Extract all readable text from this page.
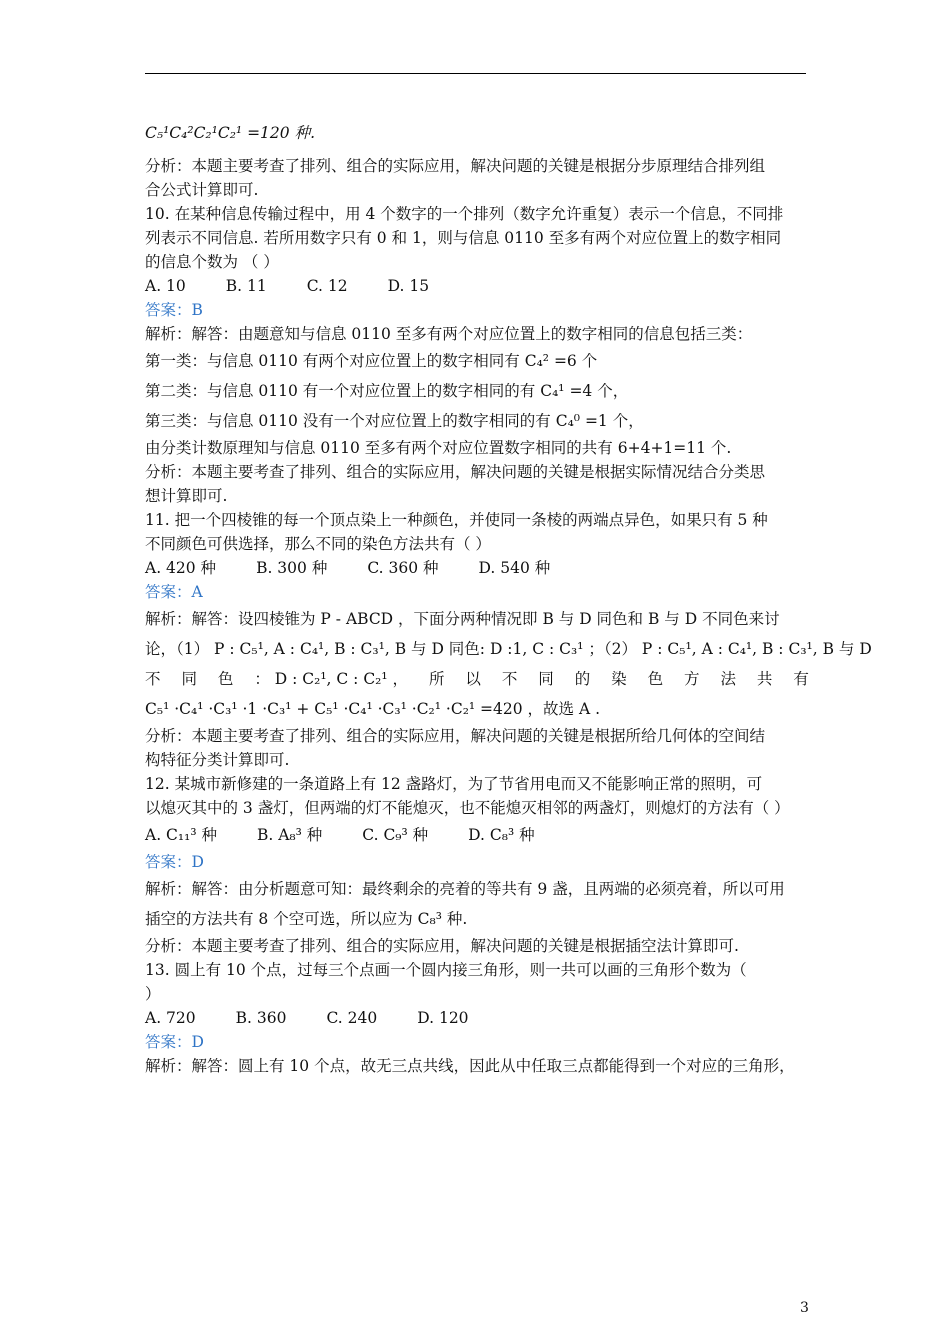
C₅¹C₄²C₂¹C₂¹ =120 种.

分析：本题主要考查了排列、组合的实际应用，解决问题的关键是根据分步原理结合排列组

合公式计算即可.

10. 在某种信息传输过程中，用 4 个数字的一个排列（数字允许重复）表示一个信息，不同排

列表示不同信息. 若所用数字只有 0 和 1，则与信息 0110 至多有两个对应位置上的数字相同

的信息个数为 （ ）

A. 10	B. 11	C. 12	D. 15

答案：B

解析：解答：由题意知与信息 0110 至多有两个对应位置上的数字相同的信息包括三类：

第一类：与信息 0110 有两个对应位置上的数字相同有 C₄² =6 个

第二类：与信息 0110 有一个对应位置上的数字相同的有 C₄¹ =4 个，

第三类：与信息 0110 没有一个对应位置上的数字相同的有 C₄⁰ =1 个，

由分类计数原理知与信息 0110 至多有两个对应位置数字相同的共有 6+4+1=11 个.

分析：本题主要考查了排列、组合的实际应用，解决问题的关键是根据实际情况结合分类思

想计算即可.

11. 把一个四棱锥的每一个顶点染上一种颜色，并使同一条棱的两端点异色，如果只有 5 种

不同颜色可供选择，那么不同的染色方法共有（ ）

A. 420 种	B. 300 种	C. 360 种	D. 540 种

答案：A

解析：解答：设四棱锥为 P - ABCD ，下面分两种情况即 B 与 D 同色和 B 与 D 不同色来讨

论，（1） P : C₅¹, A : C₄¹, B : C₃¹, B 与 D 同色: D :1, C : C₃¹ ；（2） P : C₅¹, A : C₄¹, B : C₃¹, B 与 D

不 同 色 ： D : C₂¹, C : C₂¹ ， 所 以 不 同 的 染 色 方 法 共 有

C₅¹ ·C₄¹ ·C₃¹ ·1 ·C₃¹ + C₅¹ ·C₄¹ ·C₃¹ ·C₂¹ ·C₂¹ =420 ，故选 A .

分析：本题主要考查了排列、组合的实际应用，解决问题的关键是根据所给几何体的空间结

构特征分类计算即可.

12. 某城市新修建的一条道路上有 12 盏路灯，为了节省用电而又不能影响正常的照明，可

以熄灭其中的 3 盏灯，但两端的灯不能熄灭，也不能熄灭相邻的两盏灯，则熄灯的方法有（ ）

A. C₁₁³ 种	B. A₈³ 种	C. C₉³ 种	D. C₈³ 种

答案：D

解析：解答：由分析题意可知：最终剩余的亮着的等共有 9 盏，且两端的必须亮着，所以可用

插空的方法共有 8 个空可选，所以应为 C₈³ 种.

分析：本题主要考查了排列、组合的实际应用，解决问题的关键是根据插空法计算即可.

13. 圆上有 10 个点，过每三个点画一个圆内接三角形，则一共可以画的三角形个数为（

）

A. 720	B. 360	C. 240	D. 120

答案：D

解析：解答：圆上有 10 个点，故无三点共线，因此从中任取三点都能得到一个对应的三角形，

3
